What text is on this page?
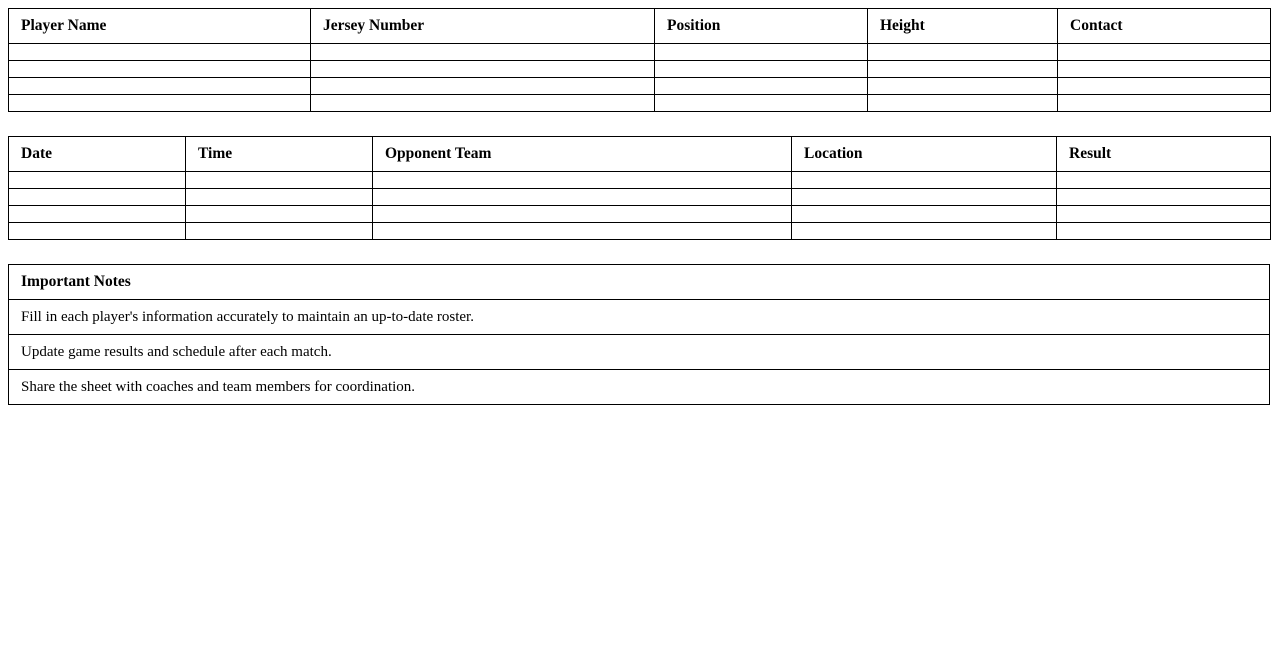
Player Name	Jersey Number	Position	Height	Contact

Date	Time	Opponent Team	Location	Result

Important Notes
Fill in each player's information accurately to maintain an up-to-date roster.
Update game results and schedule after each match.
Share the sheet with coaches and team members for coordination.
